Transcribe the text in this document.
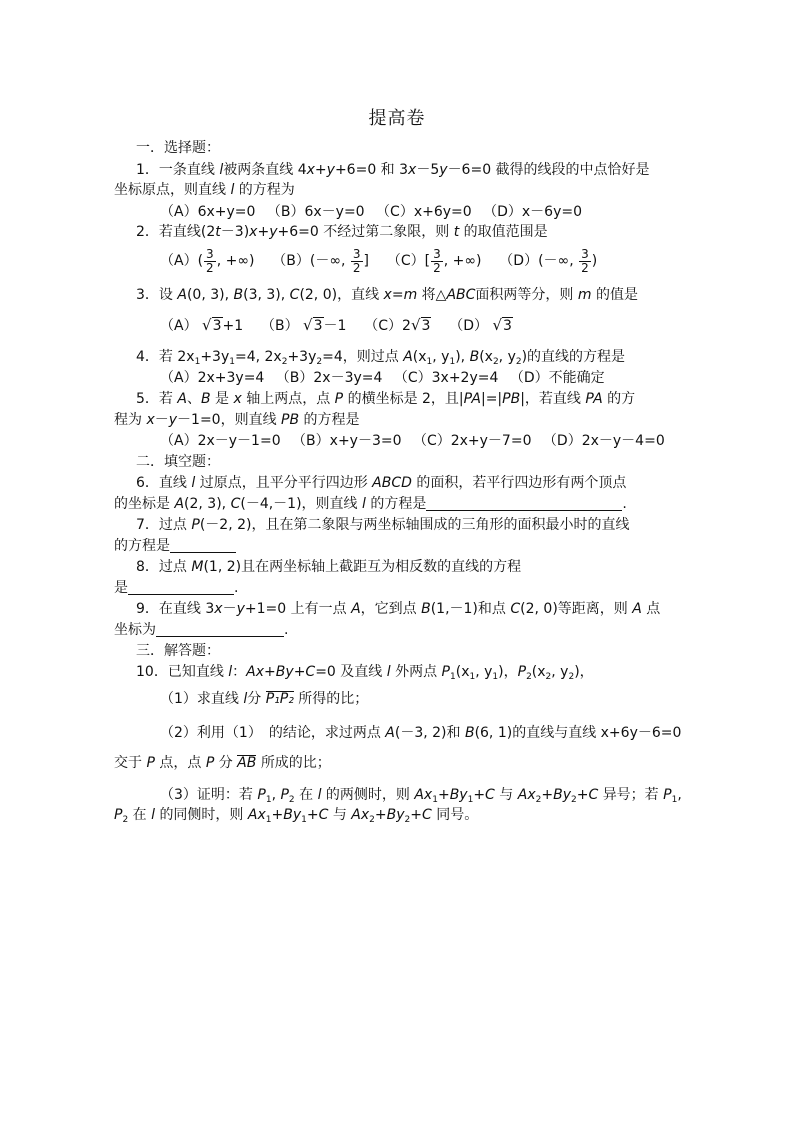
提高卷
一．选择题：
1．一条直线 l被两条直线 4x+y+6=0 和 3x－5y－6=0 截得的线段的中点恰好是
坐标原点，则直线 l 的方程为
（A）6x+y=0 　（B）6x－y=0 　（C）x+6y=0 　（D）x－6y=0
2．若直线(2t－3)x+y+6=0 不经过第二象限，则 t 的取值范围是
$(A)( \frac{3}{2}$ , +∞) （B）(－∞, $\frac{3}{2}$ ] $(C)[ \frac{3}{2}$ , +∞) （D）(－∞, $\frac{3}{2}$ )
3．设 A(0, 3), B(3, 3), C(2, 0)，直线 x=m 将△ABC面积两等分，则 m 的值是
（A） √3+1 （B） √3－1 （C）2√3 （D） √3
4．若 $2x_1+3y_1=4$, $2x_2+3y_2=4$，则过点 $A(x_1$, $y_1$), $B(x_2$, $y_2$)的直线的方程是
（A）2x+3y=4 　（B）2x－3y=4 　（C）3x+2y=4 　（D）不能确定
5．若 A、B 是 x 轴上两点，点 P 的横坐标是 2，且|PA|=|PB|，若直线 PA 的方
程为 x－y－1=0，则直线 PB 的方程是
（A）2x－y－1=0 　（B）x+y－3=0 　（C）2x+y－7=0 　（D）2x－y－4=0
二．填空题：
6．直线 l 过原点，且平分平行四边形 ABCD 的面积，若平行四边形有两个顶点
的坐标是 A(2, 3), C(－4,－1)，则直线 l 的方程是	.
7．过点 P(－2, 2)，且在第二象限与两坐标轴围成的三角形的面积最小时的直线
的方程是
8．过点 M(1, 2)且在两坐标轴上截距互为相反数的直线的方程
是	.
9．在直线 3x－y+1=0 上有一点 A，它到点 B(1,－1)和点 C(2, 0)等距离，则 A 点
坐标为	.
三．解答题：
10．已知直线 l：Ax+By+C=0 及直线 l 外两点 $P_1(x_1$, $y_1$)，$P_2(x_2$, $y_2$)，
（1）求直线 l分 P₁P₂ 所得的比；
（2）利用（1）　的结论，求过两点 A(－3, 2)和 B(6, 1)的直线与直线 x+6y－6=0
交于 P 点，点 P 分 AB 所成的比；
（3）证明：若 $P_1$, $P_2$ 在 l 的两侧时，则 $Ax_1+By_1+C$ 与 $Ax_2+By_2+C$ 异号；若 $P_1$,
$P_2$ 在 l 的同侧时，则 $Ax_1+By_1+C$ 与 $Ax_2+By_2+C$ 同号。
